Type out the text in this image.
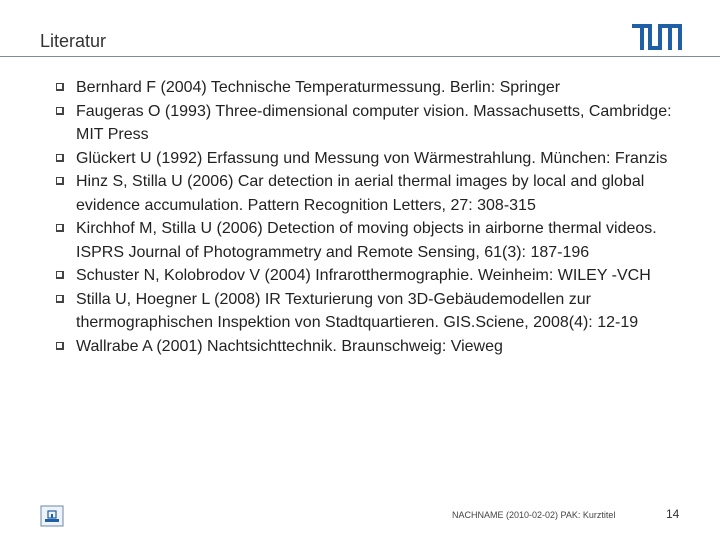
Literatur
Bernhard F (2004) Technische Temperaturmessung. Berlin: Springer
Faugeras O (1993) Three-dimensional computer vision. Massachusetts, Cambridge: MIT Press
Glückert U (1992) Erfassung und Messung von Wärmestrahlung. München: Franzis
Hinz S, Stilla U (2006) Car detection in aerial thermal images by local and global evidence accumulation. Pattern Recognition Letters, 27: 308-315
Kirchhof M, Stilla U (2006) Detection of moving objects in airborne thermal videos. ISPRS Journal of Photogrammetry and Remote Sensing, 61(3): 187-196
Schuster N, Kolobrodov V (2004) Infrarotthermographie. Weinheim: WILEY -VCH
Stilla U, Hoegner L (2008) IR Texturierung von 3D-Gebäudemodellen zur thermographischen Inspektion von Stadtquartieren. GIS.Sciene, 2008(4): 12-19
Wallrabe A (2001) Nachtsichttechnik. Braunschweig: Vieweg
NACHNAME (2010-02-02) PAK: Kurztitel	14
